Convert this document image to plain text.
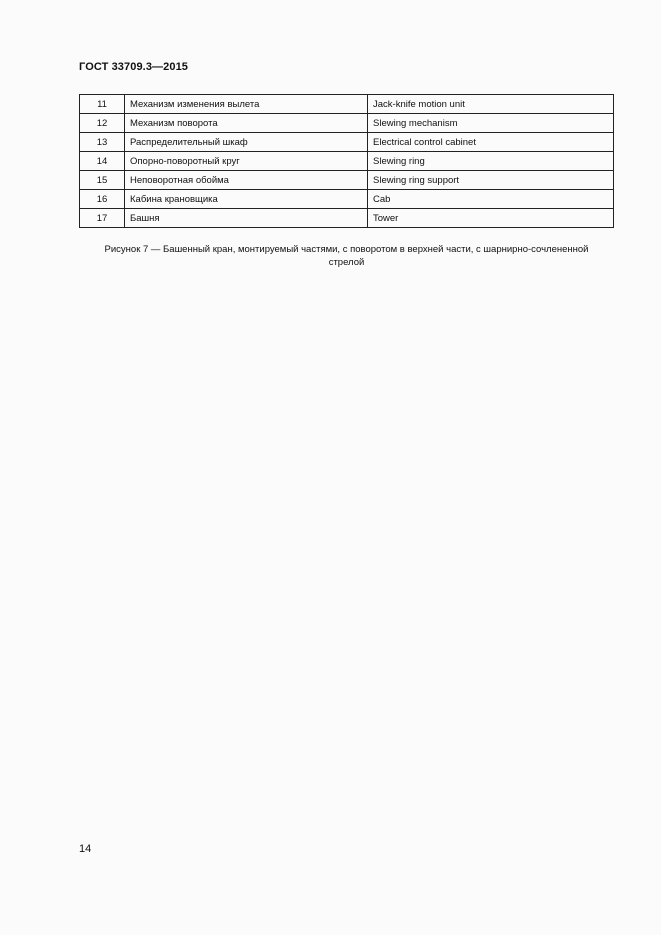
ГОСТ 33709.3—2015
11	Механизм изменения вылета	Jack-knife motion unit
12	Механизм поворота	Slewing mechanism
13	Распределительный шкаф	Electrical control cabinet
14	Опорно-поворотный круг	Slewing ring
15	Неповоротная обойма	Slewing ring support
16	Кабина крановщика	Cab
17	Башня	Tower
Рисунок 7 — Башенный кран, монтируемый частями, с поворотом в верхней части, с шарнирно-сочлененной
стрелой
14
